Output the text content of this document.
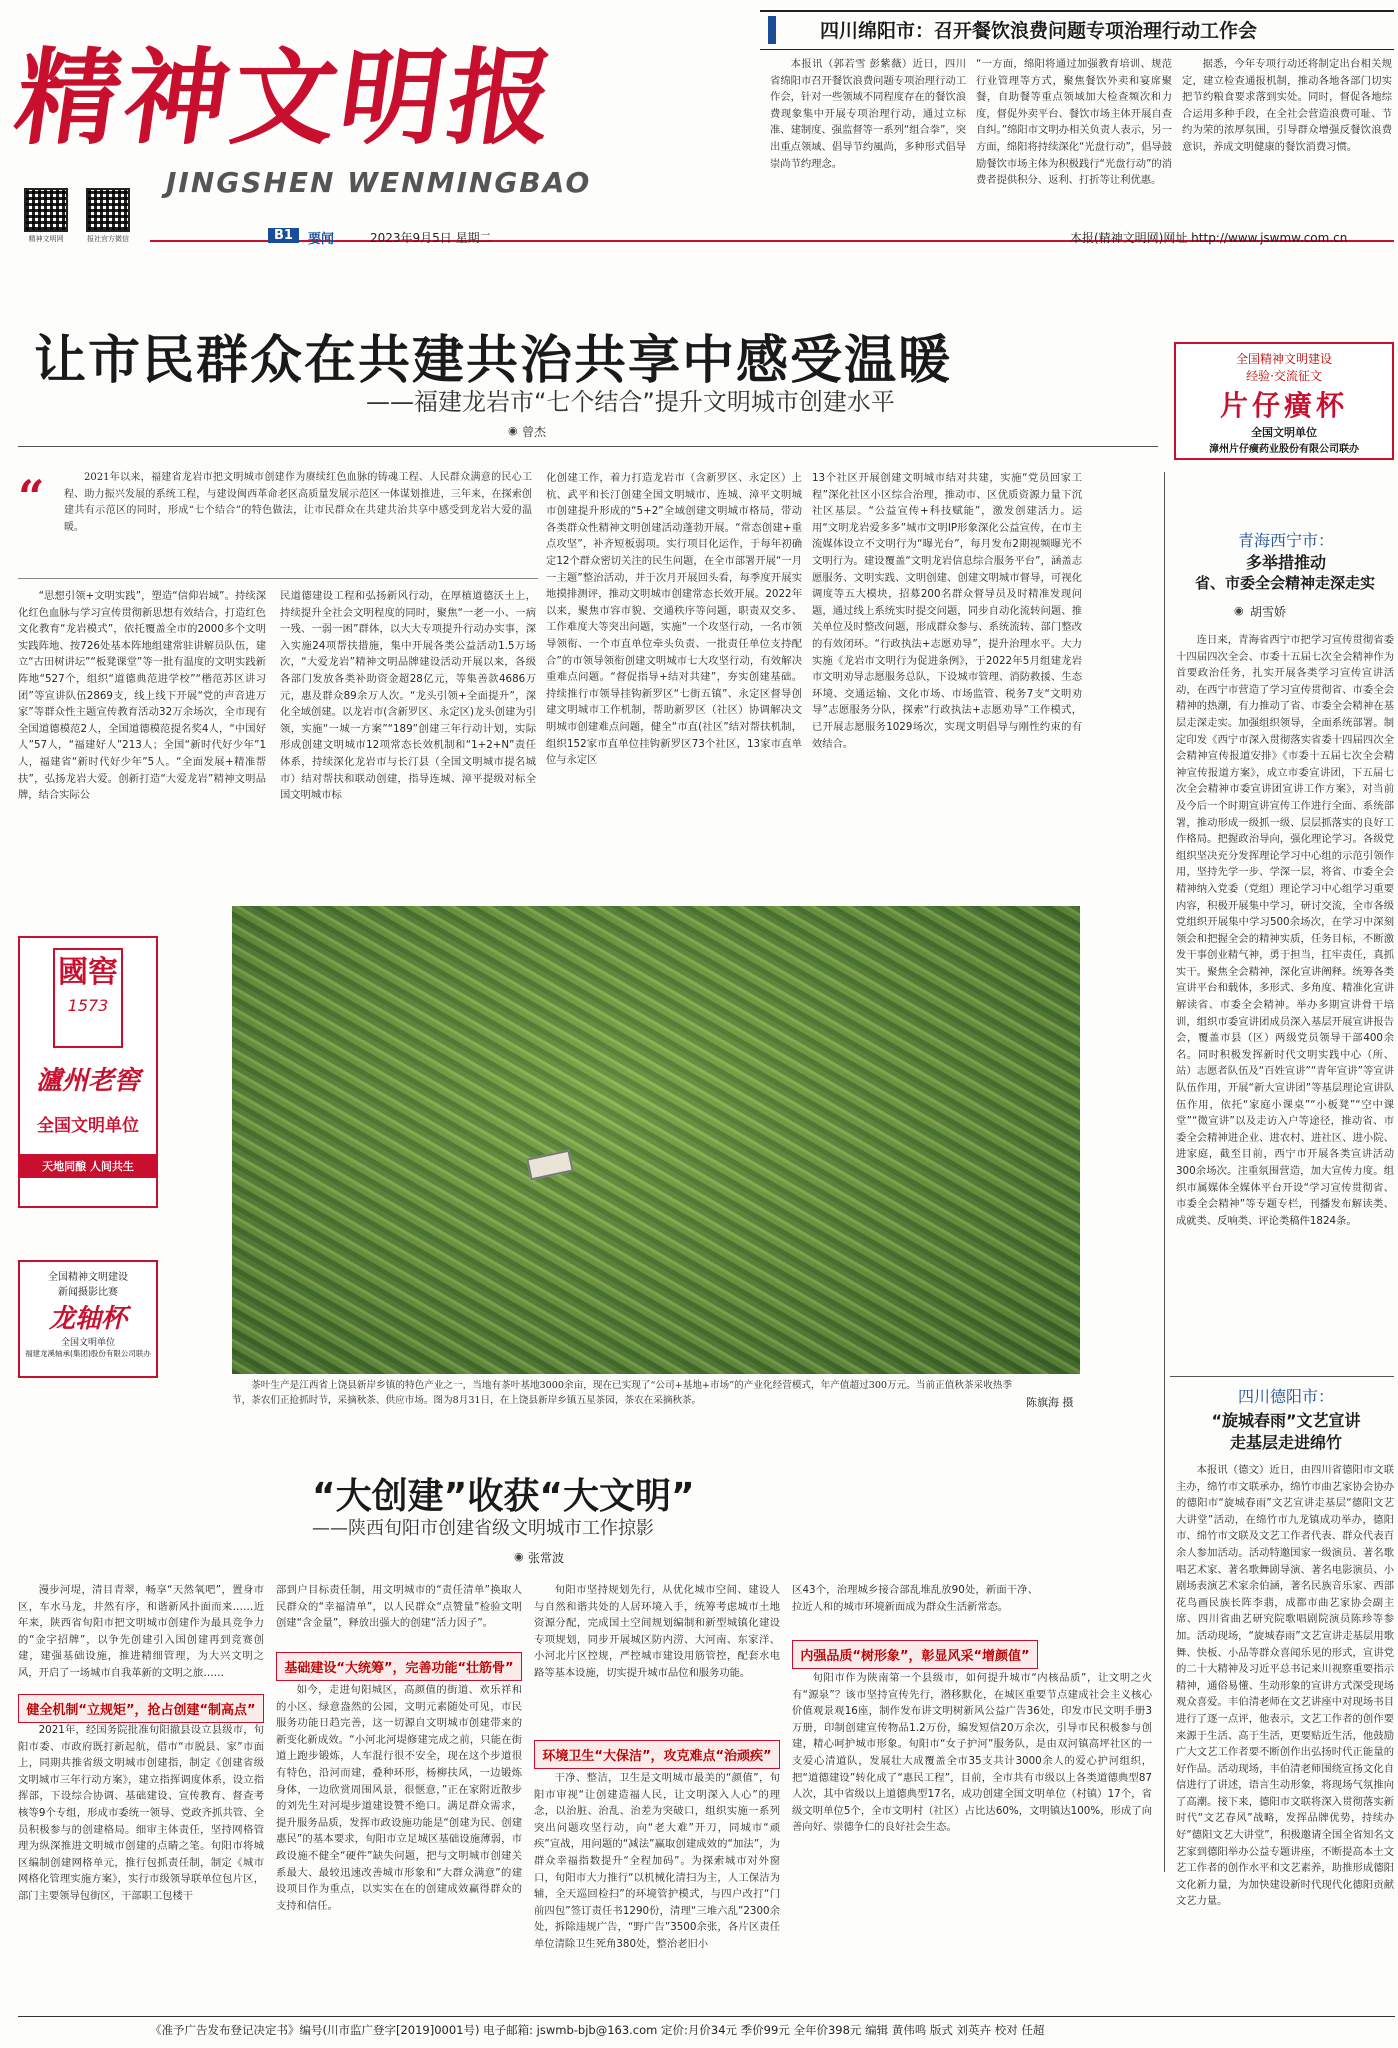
精神文明报
JINGSHEN WENMINGBAO
精神文明网	报社官方微信	B1	要闻	2023年9月5日 星期二	本报(精神文明网)网址 http://www.jswmw.com.cn
四川绵阳市：召开餐饮浪费问题专项治理行动工作会

本报讯（郭若雪 彭紫薇）近日，四川省绵阳市召开餐饮浪费问题专项治理行动工作会，针对一些领域不同程度存在的餐饮浪费现象集中开展专项治理行动，通过立标准、建制度、强监督等一系列“组合拳”，突出重点领域、倡导节约風尚，多种形式倡导崇尚节约理念。

“一方面，绵阳将通过加强教育培训、规范行业管理等方式，聚焦餐饮外卖和宴席聚餐，自助餐等重点领域加大检查频次和力度，督促外卖平台、餐饮市场主体开展自查自纠。”绵阳市文明办相关负责人表示，另一方面，绵阳将持续深化“光盘行动”，倡导鼓励餐饮市场主体为积极践行“光盘行动”的消费者提供积分、返利、打折等让利优惠。

据悉，今年专项行动还将制定出台相关规定，建立检查通报机制，推动各地各部门切实把节约粮食要求落到实处。同时，督促各地综合运用多种手段，在全社会营造浪费可耻、节约为荣的浓厚氛围，引导群众增强反餐饮浪费意识，养成文明健康的餐饮消费习惯。

让市民群众在共建共治共享中感受温暖
——福建龙岩市“七个结合”提升文明城市创建水平
◉ 曾杰
全国精神文明建设
经验·交流征文
片仔癀杯
全国文明单位
漳州片仔癀药业股份有限公司联办
“	2021年以来，福建省龙岩市把文明城市创建作为赓续红色血脉的铸魂工程、人民群众满意的民心工程、助力振兴发展的系统工程，与建设闽西革命老区高质量发展示范区一体谋划推进，三年来，在探索创建共有示范区的同时，形成“七个结合”的特色做法，让市民群众在共建共治共享中感受到龙岩大爱的温暖。

“思想引领+文明实践”，塑造“信仰岩城”。持续深化红色血脉与学习宣传贯彻新思想有效结合，打造红色文化教育“龙岩模式”，依托覆盖全市的2000多个文明实践阵地、按726处基本阵地组建常驻讲解员队伍，建立“古田树讲坛”“板凳课堂”等一批有温度的文明实践新阵地“527个，组织“道德典范进学校”“楷范苏区讲习团”等宣讲队伍2869支，线上线下开展“党的声音进万家”等群众性主题宣传教育活动32万余场次，全市现有全国道德模范2人，全国道德模范提名奖4人，“中国好人”57人，“福建好人”213人；全国“新时代好少年”1人，福建省“新时代好少年”5人。“全面发展+精准帮扶”，弘扬龙岩大爱。创新打造“大爱龙岩”精神文明品牌，结合实际公

民道德建设工程和弘扬新风行动，在厚植道德沃土上，持续提升全社会文明程度的同时，聚焦“一老一小、一病一残、一弱一困”群体，以大大专项提升行动办实事，深入实施24项帮扶措施，集中开展各类公益活动1.5万场次，“大爱龙岩”精神文明品牌建设活动开展以来，各级各部门发放各类补助资金超28亿元，等集善款4686万元，惠及群众89余万人次。“龙头引领+全面提升”，深化全域创建。以龙岩市(含新罗区、永定区)龙头创建为引领，实施“一城一方案”“189”创建三年行动计划，实际形成创建文明城市12项常态长效机制和“1+2+N”责任体系，持续深化龙岩市与长汀县（全国文明城市提名城市）结对帮扶和联动创建，指导连城、漳平提级对标全国文明城市标

化创建工作，着力打造龙岩市（含新罗区、永定区）上杭、武平和长汀创建全国文明城市、连城、漳平文明城市创建提升形成的“5+2”全域创建文明城市格局，带动各类群众性精神文明创建活动蓬勃开展。“常态创建+重点攻坚”，补齐短板弱项。实行项目化运作，于每年初确定12个群众密切关注的民生问题，在全市部署开展“一月一主题”整治活动，并于次月开展回头看，每季度开展实地摸排测评，推动文明城市创建常态长效开展。2022年以来，聚焦市容市貌、交通秩序等问题，职责双交多、工作难度大等突出问题，实施“一个攻坚行动，一名市领导领衔、一个市直单位牵头负责、一批责任单位支持配合”的市领导领衔创建文明城市七大攻坚行动，有效解决重难点问题。“督促指导+结对共建”，夯实创建基础。持续推行市领导挂钩新罗区“七街五镇”、永定区督导创建文明城市工作机制，帮助新罗区（社区）协调解决文明城市创建难点问题，健全“市直(社区”结对帮扶机制，组织152家市直单位挂钩新罗区73个社区，13家市直单位与永定区

13个社区开展创建文明城市结对共建，实施“党员回家工程”深化社区小区综合治理，推动市、区优质资源力量下沉社区基层。“公益宣传+科技赋能”，激发创建活力。运用“文明龙岩爱多多”城市文明IP形象深化公益宣传，在市主流媒体设立不文明行为“曝光台”，每月发布2期视频曝光不文明行为。建设覆盖“文明龙岩信息综合服务平台”，涵盖志愿服务、文明实践、文明创建、创建文明城市督导，可视化调度等五大模块，招募200名群众督导员及时精准发现问题，通过线上系统实时提交问题，同步自动化流转问题、推关单位及时整改问题，形成群众参与、系统流转、部门整改的有效闭环。“行政执法+志愿劝导”，提升治理水平。大力实施《龙岩市文明行为促进条例》，于2022年5月组建龙岩市文明劝导志愿服务总队，下设城市管理、消防救援、生态环境、交通运输、文化市场、市场监管、税务7支“文明劝导”志愿服务分队，探索“行政执法+志愿劝导”工作模式，已开展志愿服务1029场次，实现文明倡导与刚性约束的有效结合。

茶叶生产是江西省上饶县新岸乡镇的特色产业之一，当地有茶叶基地3000余亩，现在已实现了“公司+基地+市场”的产业化经营模式，年产值超过300万元。当前正值秋茶采收热季节，茶农们正抢抓时节，采摘秋茶、供应市场。图为8月31日，在上饶县新岸乡镇五星茶园，茶农在采摘秋茶。	陈旗海 摄
國窖
1573
瀘州老窖
全国文明单位
天地同酿 人间共生
全国精神文明建设
新闻摄影比赛
龙轴杯
全国文明单位
福建龙溪轴承(集团)股份有限公司联办
青海西宁市：
多举措推动
省、市委全会精神走深走实
◉ 胡雪娇

连日来，青海省西宁市把学习宣传贯彻省委十四届四次全会、市委十五届七次全会精神作为首要政治任务，扎实开展各类学习宣传宣讲活动，在西宁市营造了学习宣传贯彻省、市委全会精神的热潮，有力推动了省、市委全会精神在基层走深走实。加强组织领导，全面系统部署。制定印发《西宁市深入贯彻落实省委十四届四次全会精神宣传报道安排》《市委十五届七次全会精神宣传报道方案》，成立市委宣讲团，下五届七次全会精神市委宣讲团宣讲工作方案》，对当前及今后一个时期宣讲宣传工作进行全面、系统部署，推动形成一级抓一级、层层抓落实的良好工作格局。把握政治导向，强化理论学习。各级党组织坚决充分发挥理论学习中心组的示范引领作用，坚持先学一步、学深一层，将省、市委全会精神纳入党委（党组）理论学习中心组学习重要内容，积极开展集中学习，研讨交流，全市各级党组织开展集中学习500余场次，在学习中深刻领会和把握全会的精神实质，任务目标，不断激发干事创业精气神，勇于担当，扛牢责任，真抓实干。聚焦全会精神，深化宣讲阐释。统筹各类宣讲平台和载体，多形式、多角度、精准化宣讲解读省、市委全会精神。举办多期宣讲骨干培训，组织市委宣讲团成员深入基层开展宣讲报告会，覆盖市县（区）两级党员领导干部400余名。同时积极发挥新时代文明实践中心（所、站）志愿者队伍及“百姓宣讲”“青年宣讲”等宣讲队伍作用，开展“新大宣讲团”等基层理论宣讲队伍作用，依托“家庭小课桌”“小板凳”“空中课堂”“微宣讲”以及走访入户等途径，推动省、市委全会精神进企业、进农村、进社区、进小院、进家庭，截至目前，西宁市开展各类宣讲活动300余场次。注重氛围营造，加大宣传力度。组织市属媒体全媒体平台开设“学习宣传贯彻省、市委全会精神”等专题专栏，刊播发布解读类、成就类、反响类、评论类稿件1824条。

四川德阳市：
“旋城春雨”文艺宣讲
走基层走进绵竹

本报讯（德文）近日，由四川省德阳市文联主办，绵竹市文联承办，绵竹市曲艺家协会协办的德阳市“旋城春雨”文艺宣讲走基层“德阳文艺大讲堂”活动，在绵竹市九龙镇成功举办，德阳市、绵竹市文联及文艺工作者代表、群众代表百余人参加活动。活动特邀国家一级演员、著名歌唱艺术家、著名歌舞剧导演、著名电影演员、小剧场表演艺术家余伯涵，著名民族音乐家、西部花鸟画民族长阵李翡，成都市曲艺家协会副主席、四川省曲艺研究院歌唱剧院演员陈珍等参加。活动现场，“旋城春雨”文艺宣讲走基层用歌舞、快板、小品等群众喜闻乐见的形式，宣讲党的二十大精神及习近平总书记来川视察重要指示精神，通俗易懂、生动形象的宣讲方式深受现场观众喜爱。丰伯清老师在文艺讲座中对现场书目进行了逐一点评，他表示，文艺工作者的创作要来源于生活、高于生活，更要贴近生活，他鼓励广大文艺工作者要不断创作出弘扬时代正能量的好作品。活动现场，丰伯清老师围绕宣扬文化自信进行了讲述，语言生动形象，将现场气氛推向了高潮。接下来，德阳市文联将深入贯彻落实新时代“文艺春风”战略，发挥品牌优势，持续办好“德阳文艺大讲堂”，积极邀请全国全省知名文艺家到德阳举办公益专题讲座，不断提高本土文艺工作者的创作水平和文艺素养，助推形成德阳文化新力量，为加快建设新时代现代化德阳贡献文艺力量。

“大创建”收获“大文明”
——陕西旬阳市创建省级文明城市工作掠影
◉ 张常波

漫步河堤，清目青翠，畅享“天然氧吧”，置身市区，车水马龙，井然有序，和谐新风扑面而来……近年来，陕西省旬阳市把文明城市创建作为最具竞争力的“金字招牌”，以争先创建引入国创建再到竞赛创建，建强基础设施，推进精细管理，为大兴文明之风，开启了一场城市自我革新的文明之旅……

健全机制“立规矩”，抢占创建“制高点”

2021年，经国务院批准旬阳撤县设立县级市，旬阳市委、市政府既打新起航，借市“市脱县、家”市面上，同期共推省级文明城市创建指，制定《创建省级文明城市三年行动方案》，建立指挥调度体系，设立指挥部，下设综合协调、基础建设、宣传教育、督查考核等9个专组，形成市委统一领导、党政齐抓共管、全员积极参与的创建格局。细审主体责任，坚持网格管理为纵深推进文明城市创建的点睛之笔。旬阳市将城区编制创建网格单元，推行包抓责任制，制定《城市网格化管理实施方案》，实行市级领导联单位包片区，部门主要领导包街区，干部职工包楼干

部到户目标责任制，用文明城市的“责任清单”换取人民群众的“幸福清单”，以人民群众“点赞量”检验文明创建“含金量”，释放出强大的创建“活力因子”。

基础建设“大统筹”，完善功能“壮筋骨”

如今，走进旬阳城区，高颜值的街道、欢乐祥和的小区、绿意盎然的公园，文明元素随处可见，市民服务功能日趋完善，这一切源自文明城市创建带来的新变化新成效。“小河北河堤修建完成之前，只能在街道上跑步锻炼，人车混行很不安全，现在这个步道很有特色，沿河而建，叠种环形，杨柳扶风，一边锻炼身体，一边欣赏周围风景，很惬意，”正在家附近散步的刘先生对河堤步道建设赞不绝口。满足群众需求，提升服务品质，发挥市政设施功能是“创建为民、创建惠民”的基本要求，旬阳市立足城区基础设施薄弱，市政设施不健全“硬件”缺失问题，把与文明城市创建关系最大、最较迅速改善城市形象和“大群众满意”的建设项目作为重点，以实实在在的创建成效赢得群众的支持和信任。

旬阳市坚持规划先行，从优化城市空间、建设人与自然和谐共处的人居环境入手，统筹考虑城市土地资源分配，完成国土空间规划编制和新型城镇化建设专项规划，同步开展城区防内涝、大河南、东家洋、小河北片区控规，严控城市建设用筋管控，配套水电路等基本设施，切实提升城市品位和服务功能。

环境卫生“大保洁”，攻克难点“治顽疾”

干净、整洁，卫生是文明城市最美的“颜值”，旬阳市审视“让创建造福人民，让文明深入人心”的理念，以治脏、治乱、治差为突破口，组织实施一系列突出问题攻坚行动，向“老大难”开刀，同城市“顽疾”宣战，用问题的“减法”赢取创建成效的“加法”，为群众幸福指数提升“全程加码”。为探索城市对外窗口，旬阳市大力推行“以机械化清扫为主，人工保洁为辅，全天巡回检扫”的环境管护模式，与四户改打“门前四包”签订责任书1290份，清理“三堆六乱”2300余处，拆除违规广告，“野广告”3500余张，各片区责任单位清除卫生死角380处，整治老旧小

区43个，治理城乡接合部乱堆乱放90处，新面干净、拉近人和的城市环境新面成为群众生活新常态。

内强品质“树形象”，彰显风采“增颜值”

旬阳市作为陕南第一个县级市，如何提升城市“内核品质”，让文明之火有“源泉”？该市坚持宣传先行，潜移默化，在城区重要节点建成社会主义核心价值观景观16座，制作发布讲文明树新风公益广告36处，印发市民文明手册3万册，印制创建宣传物品1.2万份，编发短信20万余次，引导市民积极参与创建，精心呵护城市形象。旬阳市“女子护河”服务队，是由双河镇高坪社区的一支爱心清道队，发展壮大成覆盖全市35支共计3000余人的爱心护河组织，把“道德建设”转化成了“惠民工程”，目前，全市共有市级以上各类道德典型87人次，其中省级以上道德典型17名，成功创建全国文明单位（村镇）17个，省级文明单位5个，全市文明村（社区）占比达60%，文明镇达100%，形成了向善向好、崇德争仁的良好社会生态。

《准予广告发布登记决定书》编号(川市监广登字[2019]0001号) 电子邮箱: jswmb-bjb@163.com 定价:月价34元 季价99元 全年价398元 编辑 黄伟鸣 版式 刘英卉 校对 任超
